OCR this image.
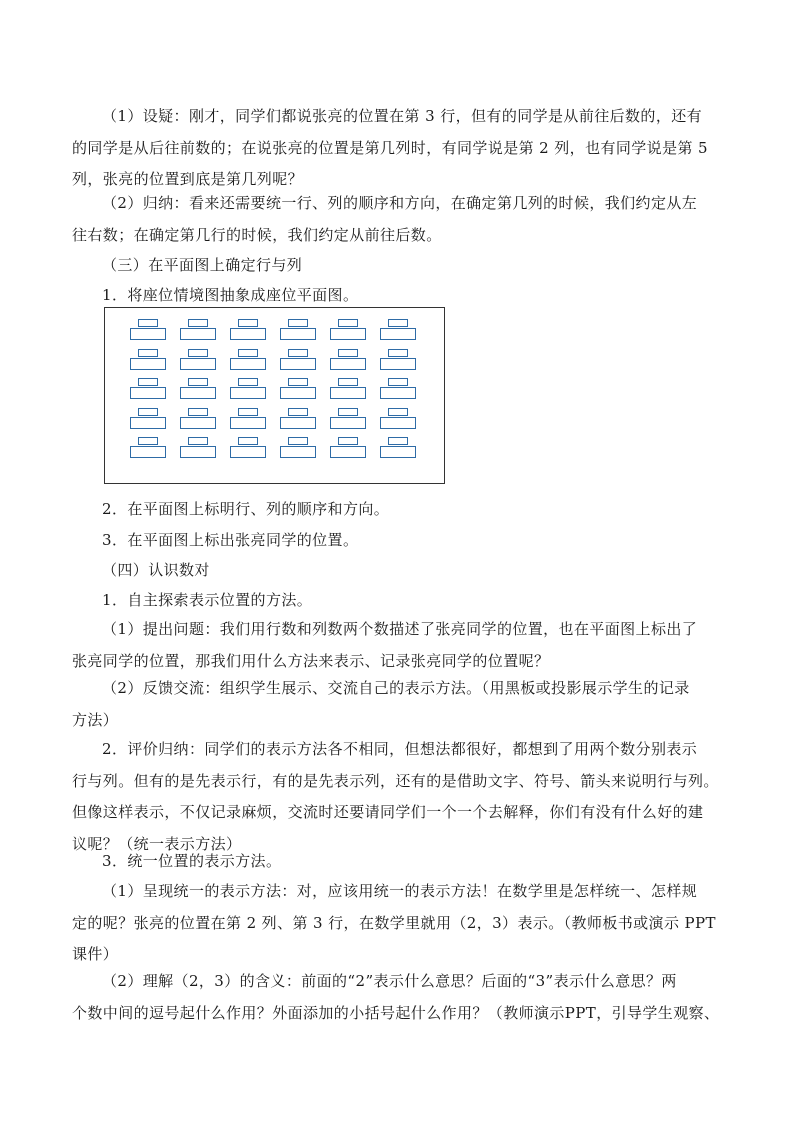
（1）设疑：刚才，同学们都说张亮的位置在第 3 行，但有的同学是从前往后数的，还有
的同学是从后往前数的；在说张亮的位置是第几列时，有同学说是第 2 列，也有同学说是第 5
列，张亮的位置到底是第几列呢？
（2）归纳：看来还需要统一行、列的顺序和方向，在确定第几列的时候，我们约定从左
往右数；在确定第几行的时候，我们约定从前往后数。
（三）在平面图上确定行与列
1．将座位情境图抽象成座位平面图。
2．在平面图上标明行、列的顺序和方向。
3．在平面图上标出张亮同学的位置。
（四）认识数对
1．自主探索表示位置的方法。
（1）提出问题：我们用行数和列数两个数描述了张亮同学的位置，也在平面图上标出了
张亮同学的位置，那我们用什么方法来表示、记录张亮同学的位置呢？
（2）反馈交流：组织学生展示、交流自己的表示方法。（用黑板或投影展示学生的记录
方法）
2．评价归纳：同学们的表示方法各不相同，但想法都很好，都想到了用两个数分别表示
行与列。但有的是先表示行，有的是先表示列，还有的是借助文字、符号、箭头来说明行与列。
但像这样表示，不仅记录麻烦，交流时还要请同学们一个一个去解释，你们有没有什么好的建
议呢？（统一表示方法）
3．统一位置的表示方法。
（1）呈现统一的表示方法：对，应该用统一的表示方法！在数学里是怎样统一、怎样规
定的呢？张亮的位置在第 2 列、第 3 行，在数学里就用（2，3）表示。（教师板书或演示 PPT
课件）
（2）理解（2，3）的含义：前面的“2”表示什么意思？后面的“3”表示什么意思？两
个数中间的逗号起什么作用？外面添加的小括号起什么作用？（教师演示PPT，引导学生观察、
